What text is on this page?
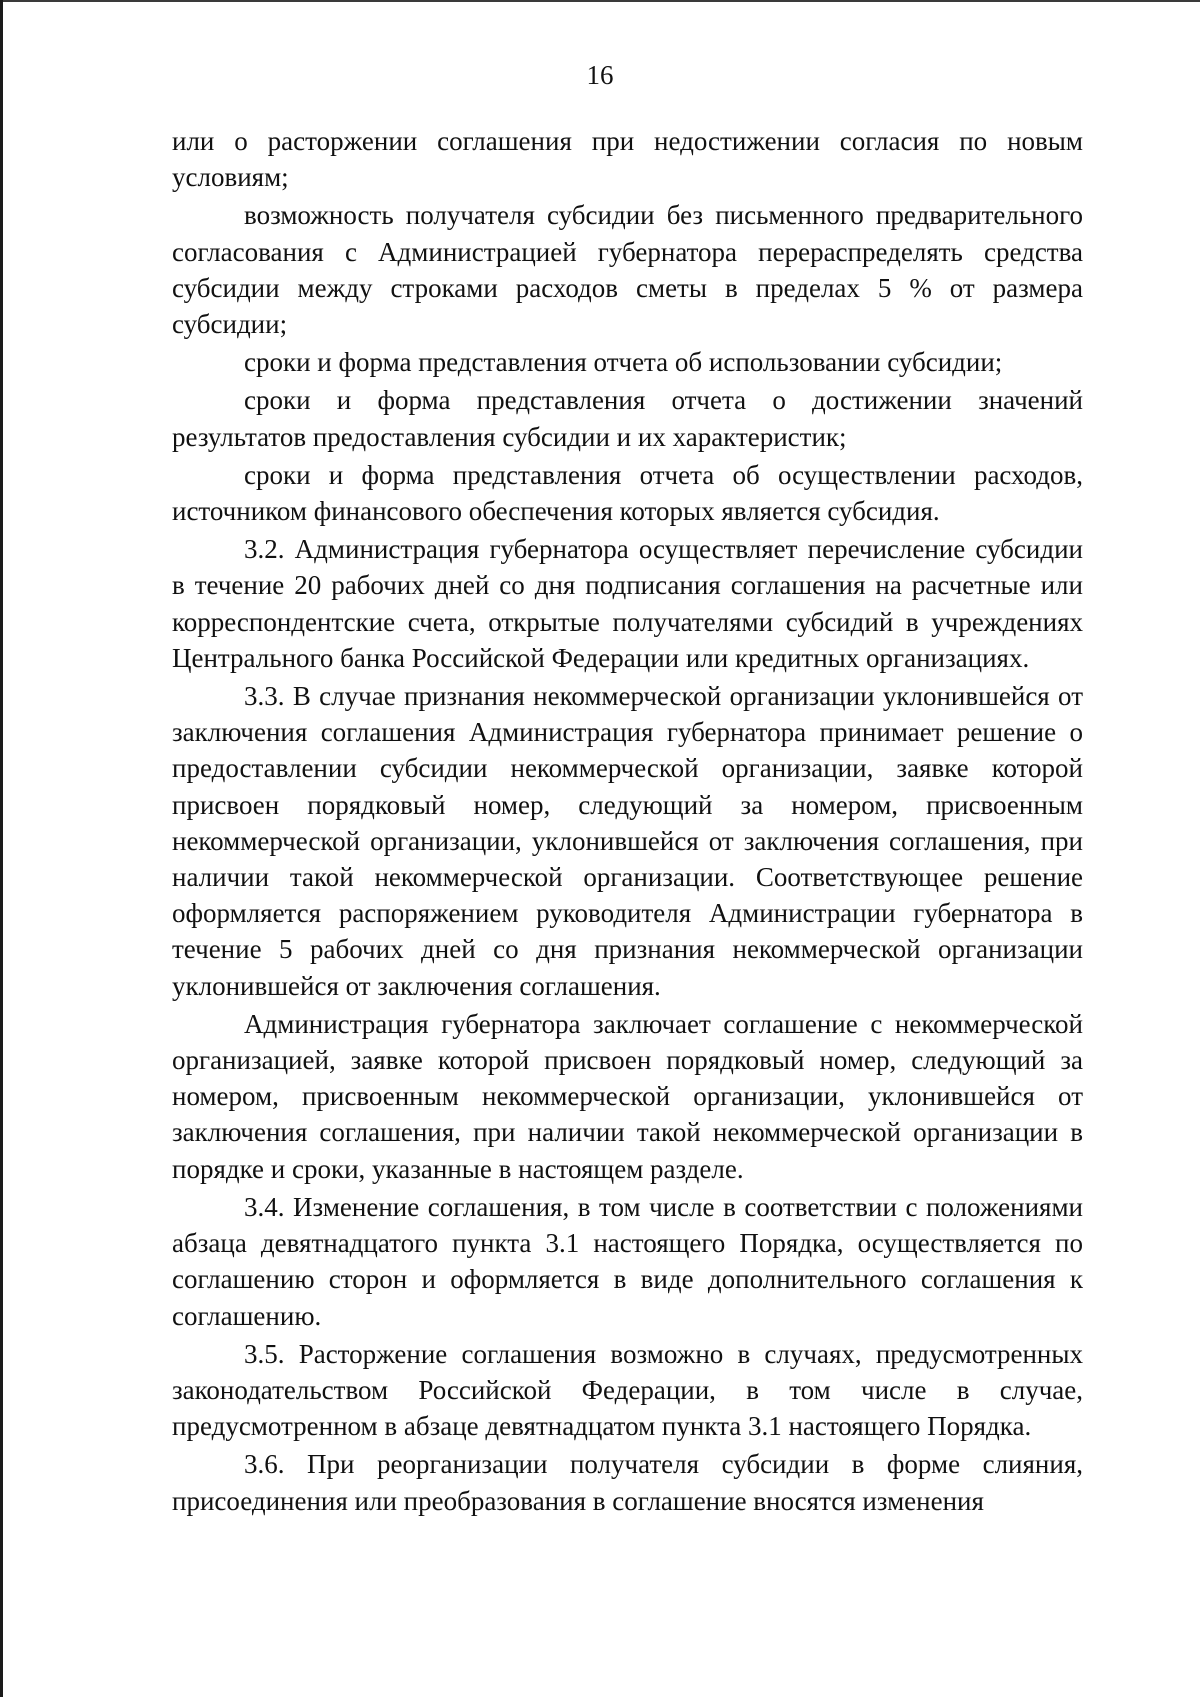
16

или о расторжении соглашения при недостижении согласия по новым условиям;

возможность получателя субсидии без письменного предварительного согласования с Администрацией губернатора перераспределять средства субсидии между строками расходов сметы в пределах 5 % от размера субсидии;

сроки и форма представления отчета об использовании субсидии;

сроки и форма представления отчета о достижении значений результатов предоставления субсидии и их характеристик;

сроки и форма представления отчета об осуществлении расходов, источником финансового обеспечения которых является субсидия.

3.2. Администрация губернатора осуществляет перечисление субсидии в течение 20 рабочих дней со дня подписания соглашения на расчетные или корреспондентские счета, открытые получателями субсидий в учреждениях Центрального банка Российской Федерации или кредитных организациях.

3.3. В случае признания некоммерческой организации уклонившейся от заключения соглашения Администрация губернатора принимает решение о предоставлении субсидии некоммерческой организации, заявке которой присвоен порядковый номер, следующий за номером, присвоенным некоммерческой организации, уклонившейся от заключения соглашения, при наличии такой некоммерческой организации. Соответствующее решение оформляется распоряжением руководителя Администрации губернатора в течение 5 рабочих дней со дня признания некоммерческой организации уклонившейся от заключения соглашения.

Администрация губернатора заключает соглашение с некоммерческой организацией, заявке которой присвоен порядковый номер, следующий за номером, присвоенным некоммерческой организации, уклонившейся от заключения соглашения, при наличии такой некоммерческой организации в порядке и сроки, указанные в настоящем разделе.

3.4. Изменение соглашения, в том числе в соответствии с положениями абзаца девятнадцатого пункта 3.1 настоящего Порядка, осуществляется по соглашению сторон и оформляется в виде дополнительного соглашения к соглашению.

3.5. Расторжение соглашения возможно в случаях, предусмотренных законодательством Российской Федерации, в том числе в случае, предусмотренном в абзаце девятнадцатом пункта 3.1 настоящего Порядка.

3.6. При реорганизации получателя субсидии в форме слияния, присоединения или преобразования в соглашение вносятся изменения
